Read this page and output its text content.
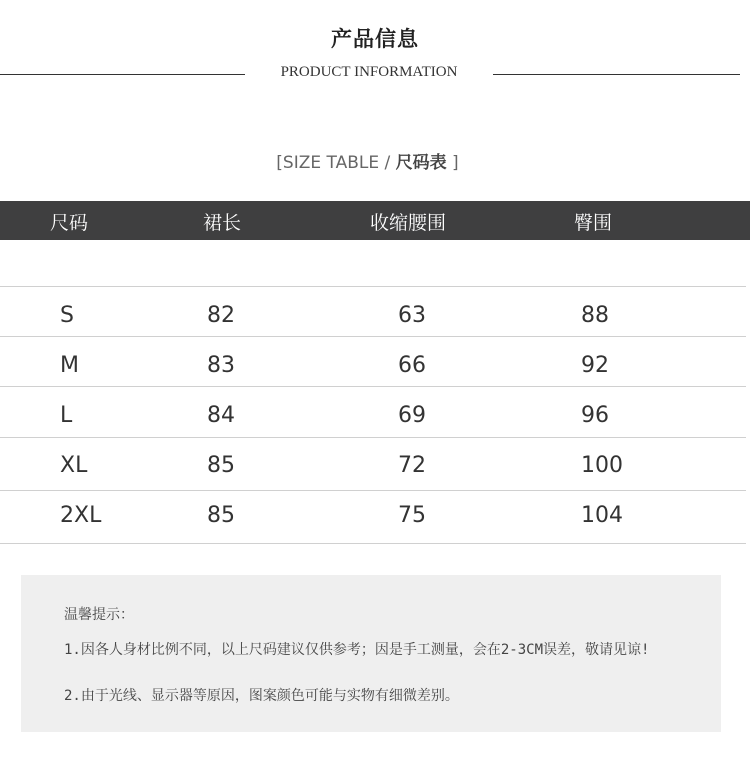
产品信息
PRODUCT INFORMATION
[SIZE TABLE / 尺码表 ]
尺码	裙长	收缩腰围	臀围
S	82	63	88
M	83	66	92
L	84	69	96
XL	85	72	100
2XL	85	75	104
温馨提示：
1.因各人身材比例不同，以上尺码建议仅供参考；因是手工测量，会在2-3CM误差，敬请见谅!
2.由于光线、显示器等原因，图案颜色可能与实物有细微差别。
